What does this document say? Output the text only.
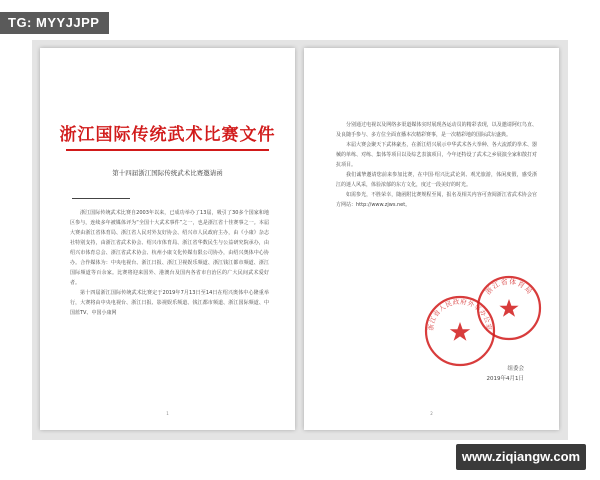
TG: MYYJJPP
浙江国际传统武术比赛文件
第十四届浙江国际传统武术比赛邀请函

浙江国际传统武术比赛自2003年以来，已成功举办了13届，吸引了30多个国家和地区参与，连续多年被媒体评为“全国十大武术事件”之一，也是浙江省十佳赛事之一。本届大赛由浙江省体育局、浙江省人民对外友好协会、绍兴市人民政府主办，由《小康》杂志社特别支持，由浙江省武术协会、绍兴市体育局、浙江省华数民生与公益研究院承办，由绍兴市体育总会、浙江省武术协会、杭州小康文化传媒有限公司协办，由绍兴奥体中心协办。合作媒体为：中央电视台、浙江日报、浙江卫视娱乐频道、浙江钱江都市频道、浙江国际频道等百余家。比赛将迎来国外、港澳台及国内各省市自治区的广大民间武术爱好者。

第十四届浙江国际传统武术比赛定于2019年7月13日至14日在绍兴奥体中心隆重举行，大赛将由中央电视台、浙江日报、影视娱乐频道、钱江都市频道、浙江国际频道、中国蓝TV、中国小康网

1

分别通过电视以及网络多渠道媒体实时展现各运动员的精彩表现，以及邀请阿红鸟直、及良随手参与、多方位全面直播本次精彩赛事，是一次精彩地的国际武坛盛典。

本届大赛会聚天下武林豪杰，在浙江绍兴展示中华武术各大拳种、各大流派的拳术、器械的单练、对练、集体等项目以及综艺表演项目，今年还特设了武术之乡展演全家和散打对抗项目。

我们诚挚邀请您前来参加比赛，在中国·绍兴比武论剑、观光旅游，体闲度假，感受浙江的迷人风采，体验浓郁的东方文化，度过一段美好的时光。

如需参光，不胜荣幸，随函附比赛规程至阅，报名及相关内容可查阅浙江省武术协会官方网站：http://www.zjws.net。

浙江省人民政府外事办公室
浙江省体育局
组委会
2019年4月1日
2
www.ziqiangw.com
